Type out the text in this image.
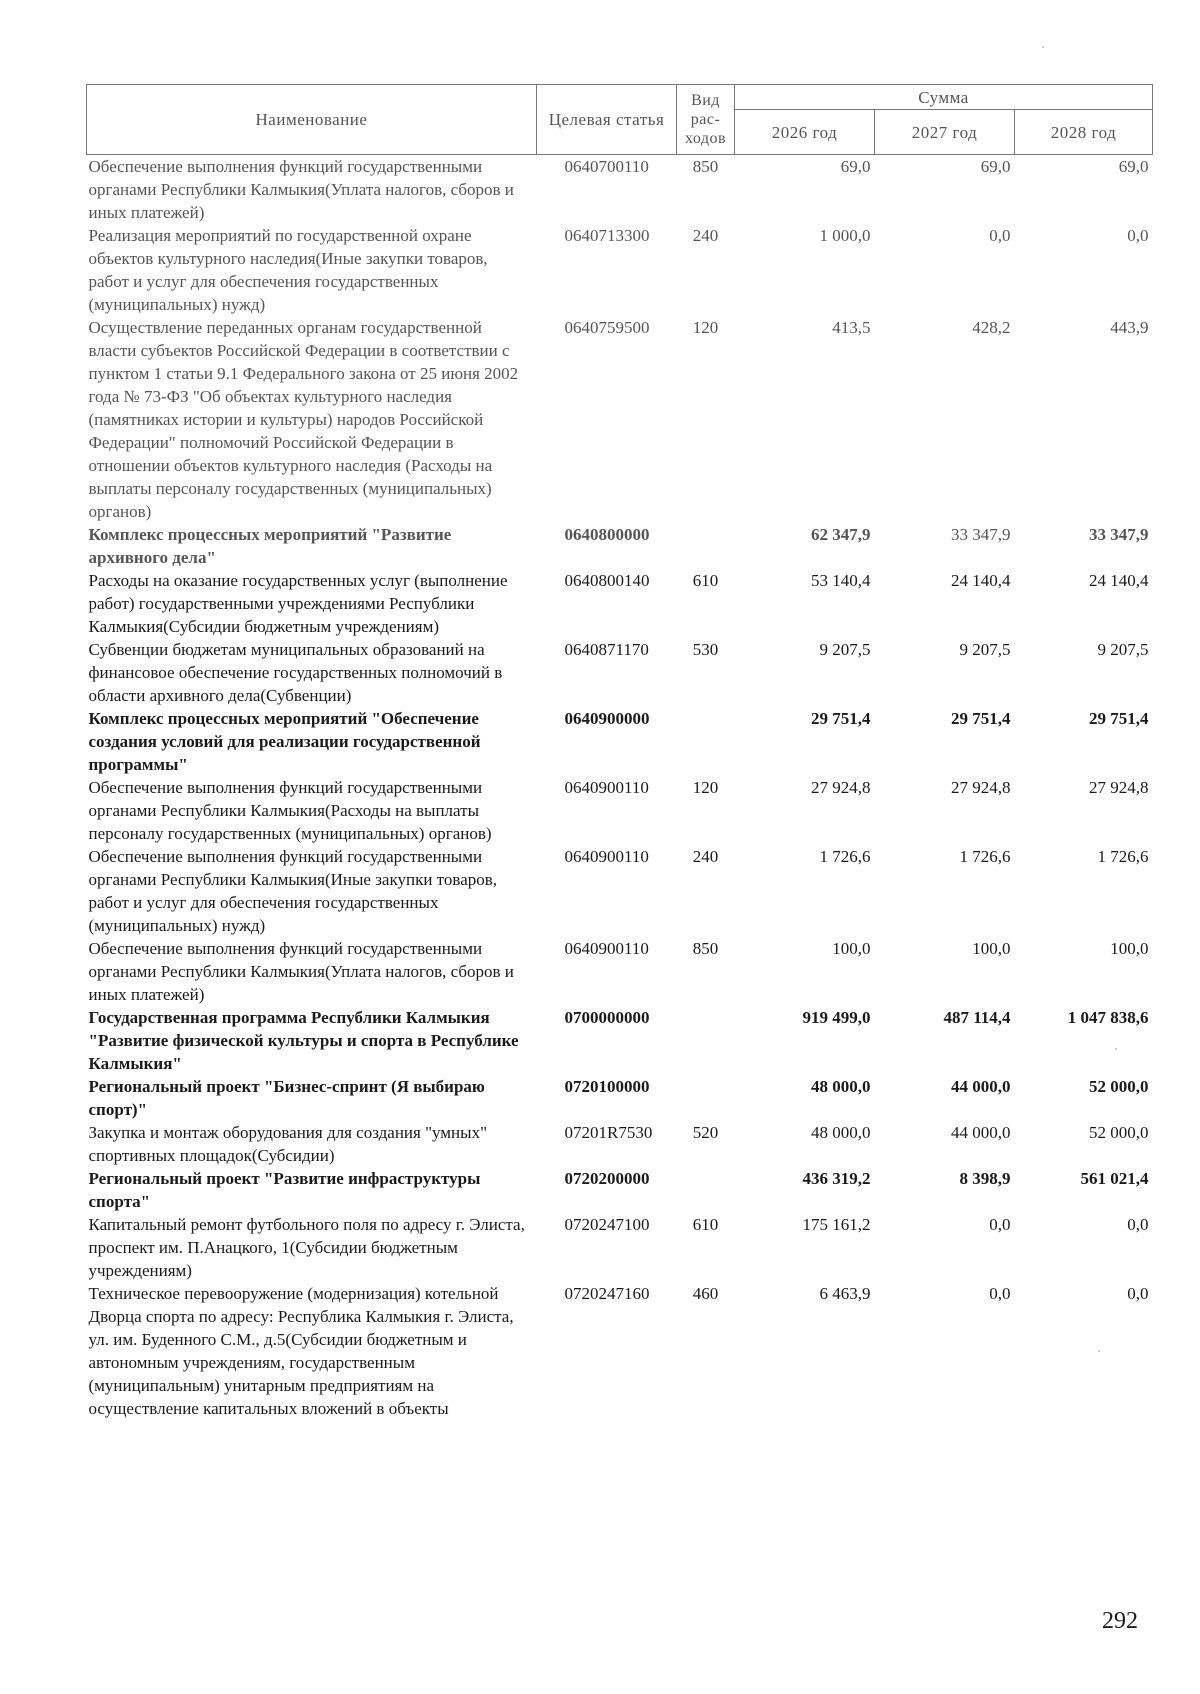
Наименование	Целевая статья	Вид рас-ходов	Сумма		
			2026 год	2027 год	2028 год
Обеспечение выполнения функций государственными органами Республики Калмыкия(Уплата налогов, сборов и иных платежей)	0640700110	850	69,0	69,0	69,0
Реализация мероприятий по государственной охране объектов культурного наследия(Иные закупки товаров, работ и услуг для обеспечения государственных (муниципальных) нужд)	0640713300	240	1 000,0	0,0	0,0
Осуществление переданных органам государственной власти субъектов Российской Федерации в соответствии с пунктом 1 статьи 9.1 Федерального закона от 25 июня 2002 года № 73-ФЗ "Об объектах культурного наследия (памятниках истории и культуры) народов Российской Федерации" полномочий Российской Федерации в отношении объектов культурного наследия (Расходы на выплаты персоналу государственных (муниципальных) органов)	0640759500	120	413,5	428,2	443,9
Комплекс процессных мероприятий "Развитие архивного дела"	0640800000		62 347,9	33 347,9	33 347,9
Расходы на оказание государственных услуг (выполнение работ) государственными учреждениями Республики Калмыкия(Субсидии бюджетным учреждениям)	0640800140	610	53 140,4	24 140,4	24 140,4
Субвенции бюджетам муниципальных образований на финансовое обеспечение государственных полномочий в области архивного дела(Субвенции)	0640871170	530	9 207,5	9 207,5	9 207,5
Комплекс процессных мероприятий "Обеспечение создания условий для реализации государственной программы"	0640900000		29 751,4	29 751,4	29 751,4
Обеспечение выполнения функций государственными органами Республики Калмыкия(Расходы на выплаты персоналу государственных (муниципальных) органов)	0640900110	120	27 924,8	27 924,8	27 924,8
Обеспечение выполнения функций государственными органами Республики Калмыкия(Иные закупки товаров, работ и услуг для обеспечения государственных (муниципальных) нужд)	0640900110	240	1 726,6	1 726,6	1 726,6
Обеспечение выполнения функций государственными органами Республики Калмыкия(Уплата налогов, сборов и иных платежей)	0640900110	850	100,0	100,0	100,0
Государственная программа Республики Калмыкия "Развитие физической культуры и спорта в Республике Калмыкия"	0700000000		919 499,0	487 114,4	1 047 838,6
Региональный проект "Бизнес-спринт (Я выбираю спорт)"	0720100000		48 000,0	44 000,0	52 000,0
Закупка и монтаж оборудования для создания "умных" спортивных площадок(Субсидии)	07201R7530	520	48 000,0	44 000,0	52 000,0
Региональный проект "Развитие инфраструктуры спорта"	0720200000		436 319,2	8 398,9	561 021,4
Капитальный ремонт футбольного поля по адресу г. Элиста, проспект им. П.Анацкого, 1(Субсидии бюджетным учреждениям)	0720247100	610	175 161,2	0,0	0,0
Техническое перевооружение (модернизация) котельной Дворца спорта по адресу: Республика Калмыкия г. Элиста, ул. им. Буденного С.М., д.5(Субсидии бюджетным и автономным учреждениям, государственным (муниципальным) унитарным предприятиям на осуществление капитальных вложений в объекты	0720247160	460	6 463,9	0,0	0,0
292
